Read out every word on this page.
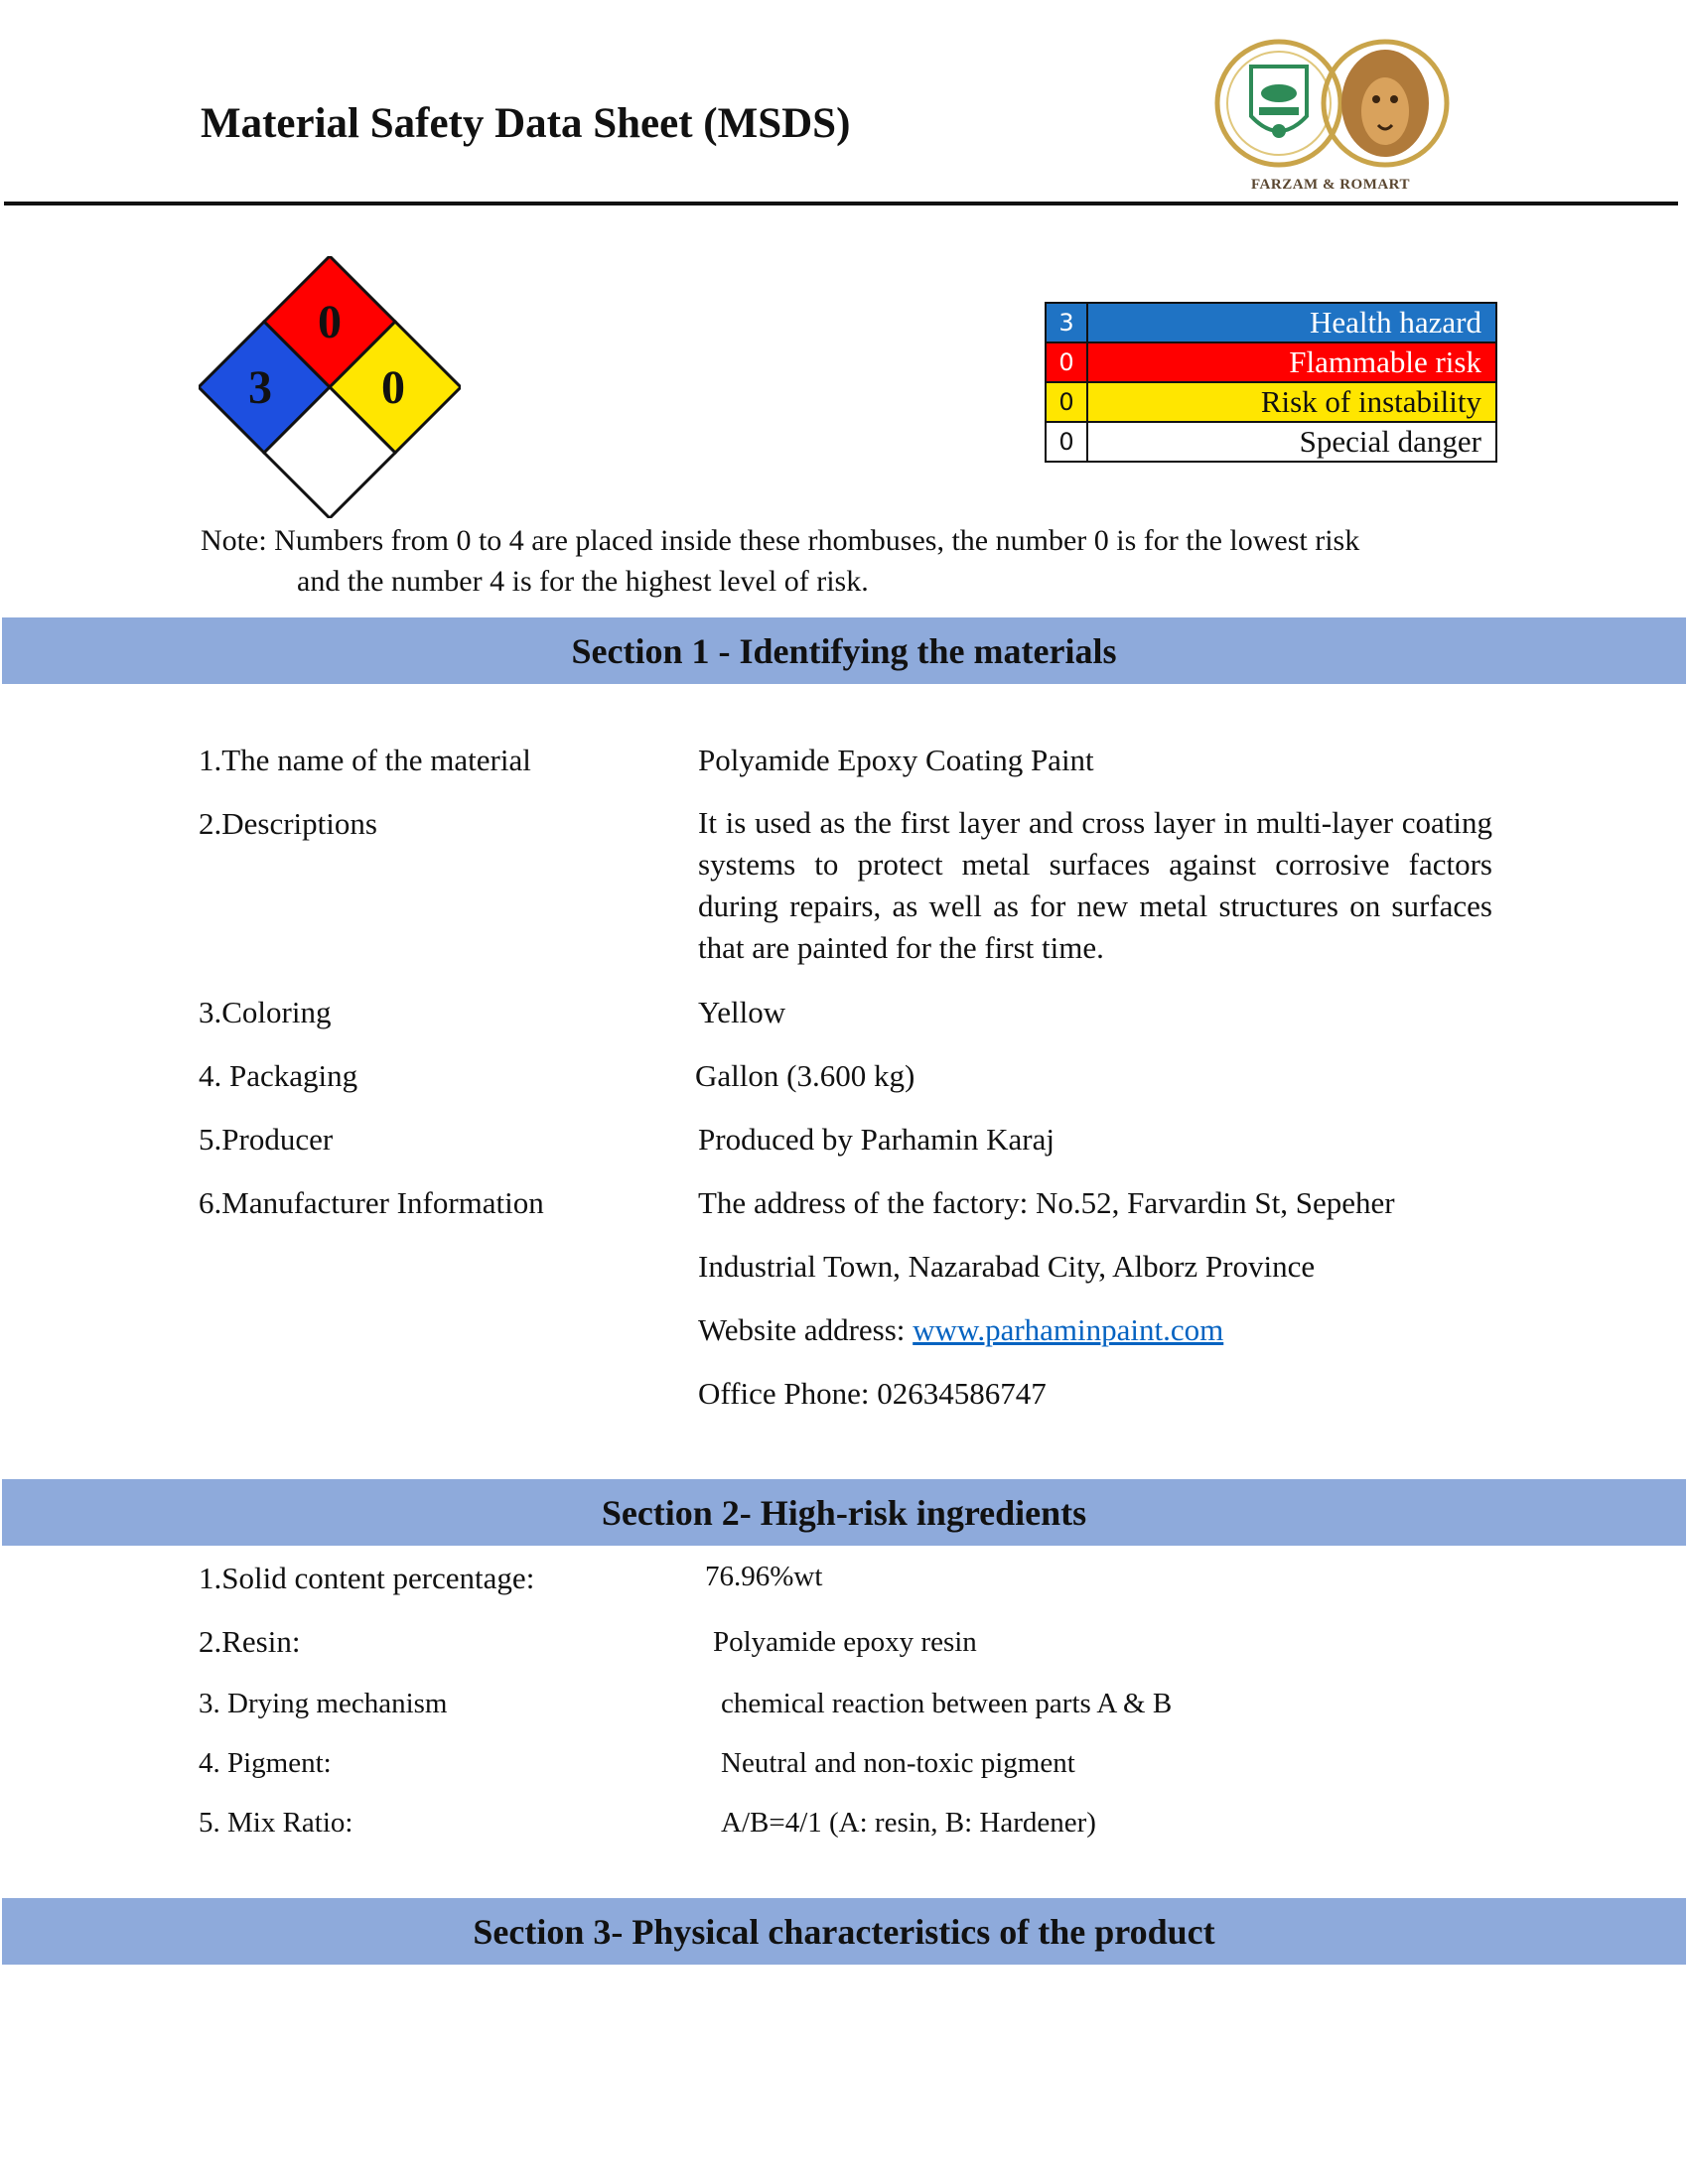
Material Safety Data Sheet (MSDS)
FARZAM & ROMART
0
3 0
3	Health hazard
0	Flammable risk
0	Risk of instability
0	Special danger
Note: Numbers from 0 to 4 are placed inside these rhombuses, the number 0 is for the lowest risk
and the number 4 is for the highest level of risk.
Section 1 - Identifying the materials
1.The name of the material	Polyamide Epoxy Coating Paint
2.Descriptions	It is used as the first layer and cross layer in multi-layer coating systems to protect metal surfaces against corrosive factors during repairs, as well as for new metal structures on surfaces that are painted for the first time.
3.Coloring	Yellow
4. Packaging	Gallon (3.600 kg)
5.Producer	Produced by Parhamin Karaj
6.Manufacturer Information	The address of the factory: No.52, Farvardin St, Sepeher
Industrial Town, Nazarabad City, Alborz Province
Website address: www.parhaminpaint.com
Office Phone: 02634586747
Section 2- High-risk ingredients
1.Solid content percentage:	76.96%wt
2.Resin:	Polyamide epoxy resin
3. Drying mechanism	chemical reaction between parts A & B
4. Pigment:	Neutral and non-toxic pigment
5. Mix Ratio:	A/B=4/1 (A: resin, B: Hardener)
Section 3- Physical characteristics of the product
